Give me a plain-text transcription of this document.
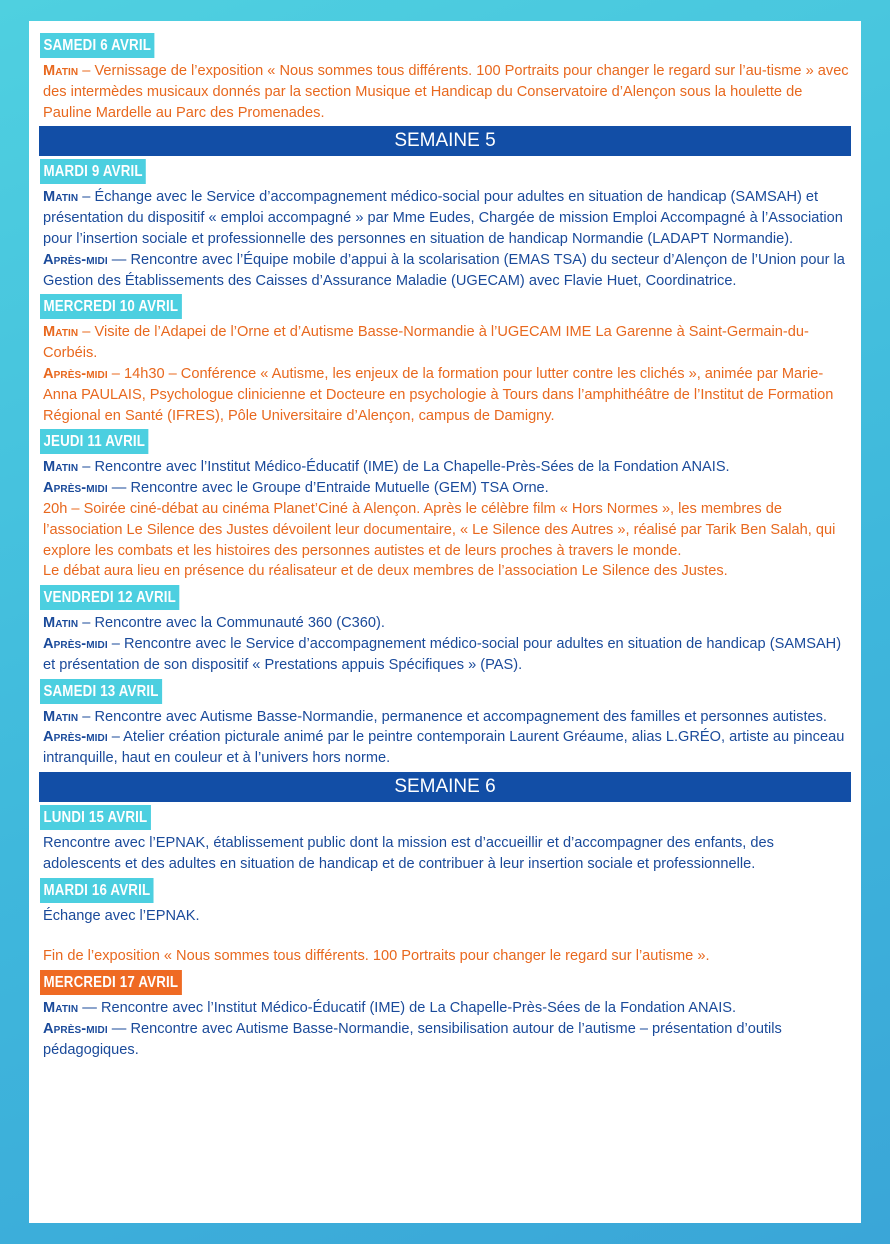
SAMEDI 6 AVRIL

Matin – Vernissage de l’exposition « Nous sommes tous différents. 100 Portraits pour changer le regard sur l’au-tisme » avec des intermèdes musicaux donnés par la section Musique et Handicap du Conservatoire d’Alençon sous la houlette de Pauline Mardelle au Parc des Promenades.

SEMAINE 5
MARDI 9 AVRIL

Matin – Échange avec le Service d’accompagnement médico-social pour adultes en situation de handicap (SAMSAH) et présentation du dispositif « emploi accompagné » par Mme Eudes, Chargée de mission Emploi Accompagné à l’Association pour l’insertion sociale et professionnelle des personnes en situation de handicap Normandie (LADAPT Normandie).

Après-midi — Rencontre avec l’Équipe mobile d’appui à la scolarisation (EMAS TSA) du secteur d’Alençon de l’Union pour la Gestion des Établissements des Caisses d’Assurance Maladie (UGECAM) avec Flavie Huet, Coordinatrice.

MERCREDI 10 AVRIL

Matin – Visite de l’Adapei de l’Orne et d’Autisme Basse-Normandie à l’UGECAM IME La Garenne à Saint-Germain-du-Corbéis.

Après-midi – 14h30 – Conférence « Autisme, les enjeux de la formation pour lutter contre les clichés », animée par Marie-Anna PAULAIS, Psychologue clinicienne et Docteure en psychologie à Tours dans l’amphithéâtre de l’Institut de Formation Régional en Santé (IFRES), Pôle Universitaire d’Alençon, campus de Damigny.

JEUDI 11 AVRIL

Matin – Rencontre avec l’Institut Médico-Éducatif (IME) de La Chapelle-Près-Sées de la Fondation ANAIS.

Après-midi — Rencontre avec le Groupe d’Entraide Mutuelle (GEM) TSA Orne.

20h – Soirée ciné-débat au cinéma Planet’Ciné à Alençon. Après le célèbre film « Hors Normes », les membres de l’association Le Silence des Justes dévoilent leur documentaire, « Le Silence des Autres », réalisé par Tarik Ben Salah, qui explore les combats et les histoires des personnes autistes et de leurs proches à travers le monde.

Le débat aura lieu en présence du réalisateur et de deux membres de l’association Le Silence des Justes.

VENDREDI 12 AVRIL

Matin – Rencontre avec la Communauté 360 (C360).

Après-midi – Rencontre avec le Service d’accompagnement médico-social pour adultes en situation de handicap (SAMSAH) et présentation de son dispositif « Prestations appuis Spécifiques » (PAS).

SAMEDI 13 AVRIL

Matin – Rencontre avec Autisme Basse-Normandie, permanence et accompagnement des familles et personnes autistes.

Après-midi – Atelier création picturale animé par le peintre contemporain Laurent Gréaume, alias L.GRÉO, artiste au pinceau intranquille, haut en couleur et à l’univers hors norme.

SEMAINE 6
LUNDI 15 AVRIL

Rencontre avec l’EPNAK, établissement public dont la mission est d’accueillir et d’accompagner des enfants, des adolescents et des adultes en situation de handicap et de contribuer à leur insertion sociale et professionnelle.

MARDI 16 AVRIL

Échange avec l’EPNAK.

Fin de l’exposition « Nous sommes tous différents. 100 Portraits pour changer le regard sur l’autisme ».

MERCREDI 17 AVRIL

Matin — Rencontre avec l’Institut Médico-Éducatif (IME) de La Chapelle-Près-Sées de la Fondation ANAIS.

Après-midi — Rencontre avec Autisme Basse-Normandie, sensibilisation autour de l’autisme – présentation d’outils pédagogiques.
